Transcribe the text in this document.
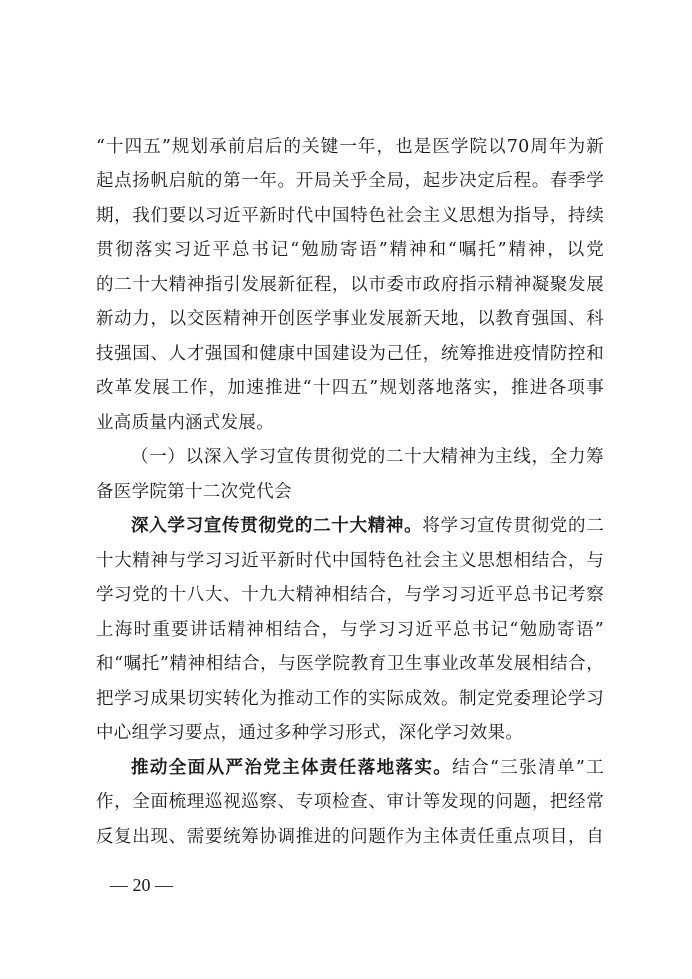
“十四五”规划承前启后的关键一年，也是医学院以70周年为新
起点扬帆启航的第一年。开局关乎全局，起步决定后程。春季学
期，我们要以习近平新时代中国特色社会主义思想为指导，持续
贯彻落实习近平总书记“勉励寄语”精神和“嘱托”精神，以党
的二十大精神指引发展新征程，以市委市政府指示精神凝聚发展
新动力，以交医精神开创医学事业发展新天地，以教育强国、科
技强国、人才强国和健康中国建设为己任，统筹推进疫情防控和
改革发展工作，加速推进“十四五”规划落地落实，推进各项事
业高质量内涵式发展。
（一）以深入学习宣传贯彻党的二十大精神为主线，全力筹
备医学院第十二次党代会
深入学习宣传贯彻党的二十大精神。将学习宣传贯彻党的二
十大精神与学习习近平新时代中国特色社会主义思想相结合，与
学习党的十八大、十九大精神相结合，与学习习近平总书记考察
上海时重要讲话精神相结合，与学习习近平总书记“勉励寄语”
和“嘱托”精神相结合，与医学院教育卫生事业改革发展相结合，
把学习成果切实转化为推动工作的实际成效。制定党委理论学习
中心组学习要点，通过多种学习形式，深化学习效果。
推动全面从严治党主体责任落地落实。结合“三张清单”工
作，全面梳理巡视巡察、专项检查、审计等发现的问题，把经常
反复出现、需要统筹协调推进的问题作为主体责任重点项目，自
— 20 —
